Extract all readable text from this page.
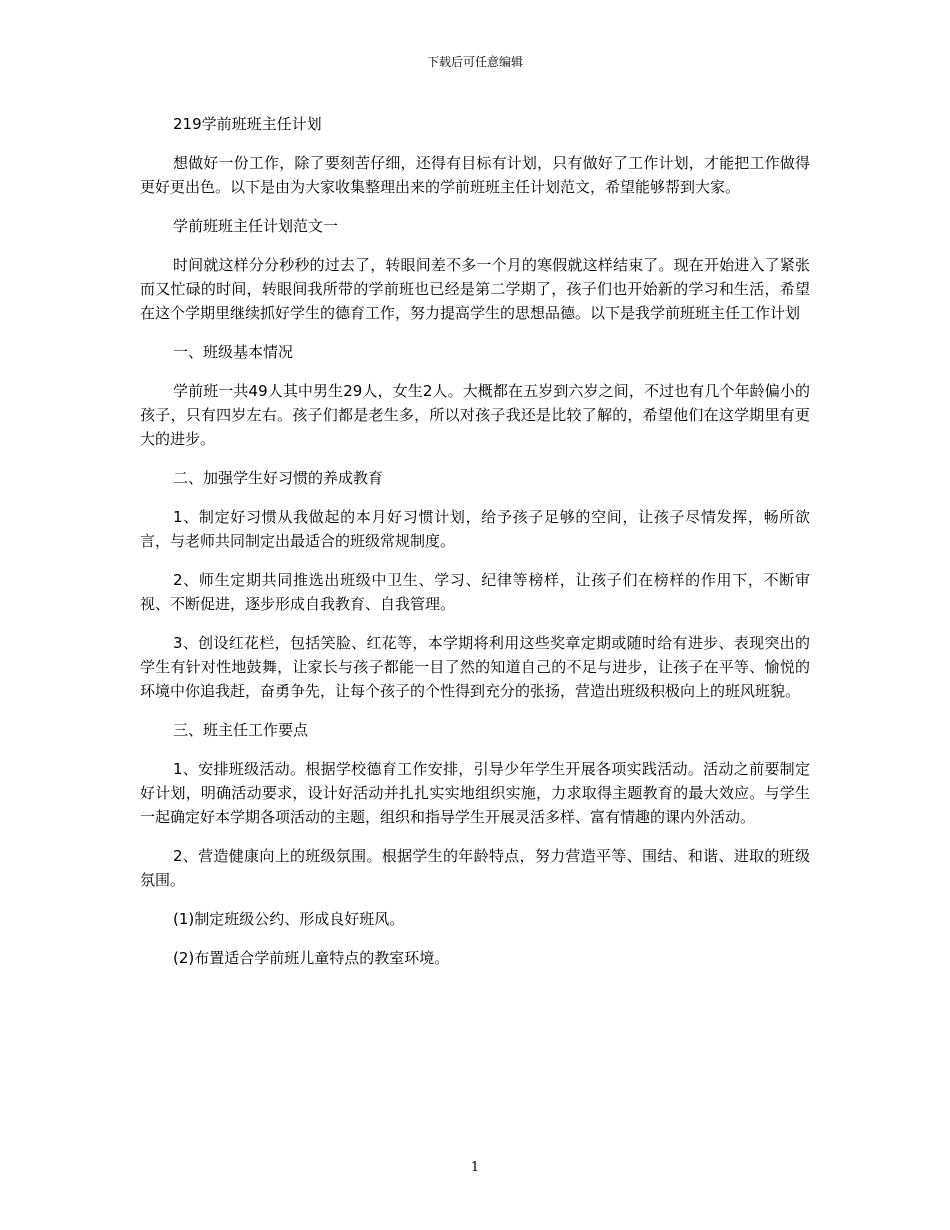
下载后可任意编辑

219学前班班主任计划

想做好一份工作，除了要刻苦仔细，还得有目标有计划，只有做好了工作计划，才能把工作做得更好更出色。以下是由为大家收集整理出来的学前班班主任计划范文，希望能够帮到大家。

学前班班主任计划范文一

时间就这样分分秒秒的过去了，转眼间差不多一个月的寒假就这样结束了。现在开始进入了紧张而又忙碌的时间，转眼间我所带的学前班也已经是第二学期了，孩子们也开始新的学习和生活，希望在这个学期里继续抓好学生的德育工作，努力提高学生的思想品德。以下是我学前班班主任工作计划

一、班级基本情况

学前班一共49人其中男生29人，女生2人。大概都在五岁到六岁之间，不过也有几个年龄偏小的孩子，只有四岁左右。孩子们都是老生多，所以对孩子我还是比较了解的，希望他们在这学期里有更大的进步。

二、加强学生好习惯的养成教育

1、制定好习惯从我做起的本月好习惯计划，给予孩子足够的空间，让孩子尽情发挥，畅所欲言，与老师共同制定出最适合的班级常规制度。

2、师生定期共同推选出班级中卫生、学习、纪律等榜样，让孩子们在榜样的作用下，不断审视、不断促进，逐步形成自我教育、自我管理。

3、创设红花栏，包括笑脸、红花等，本学期将利用这些奖章定期或随时给有进步、表现突出的学生有针对性地鼓舞，让家长与孩子都能一目了然的知道自己的不足与进步，让孩子在平等、愉悦的环境中你追我赶，奋勇争先，让每个孩子的个性得到充分的张扬，营造出班级积极向上的班风班貌。

三、班主任工作要点

1、安排班级活动。根据学校德育工作安排，引导少年学生开展各项实践活动。活动之前要制定好计划，明确活动要求，设计好活动并扎扎实实地组织实施，力求取得主题教育的最大效应。与学生一起确定好本学期各项活动的主题，组织和指导学生开展灵活多样、富有情趣的课内外活动。

2、营造健康向上的班级氛围。根据学生的年龄特点，努力营造平等、围结、和谐、进取的班级氛围。

(1)制定班级公约、形成良好班风。

(2)布置适合学前班儿童特点的教室环境。

1
